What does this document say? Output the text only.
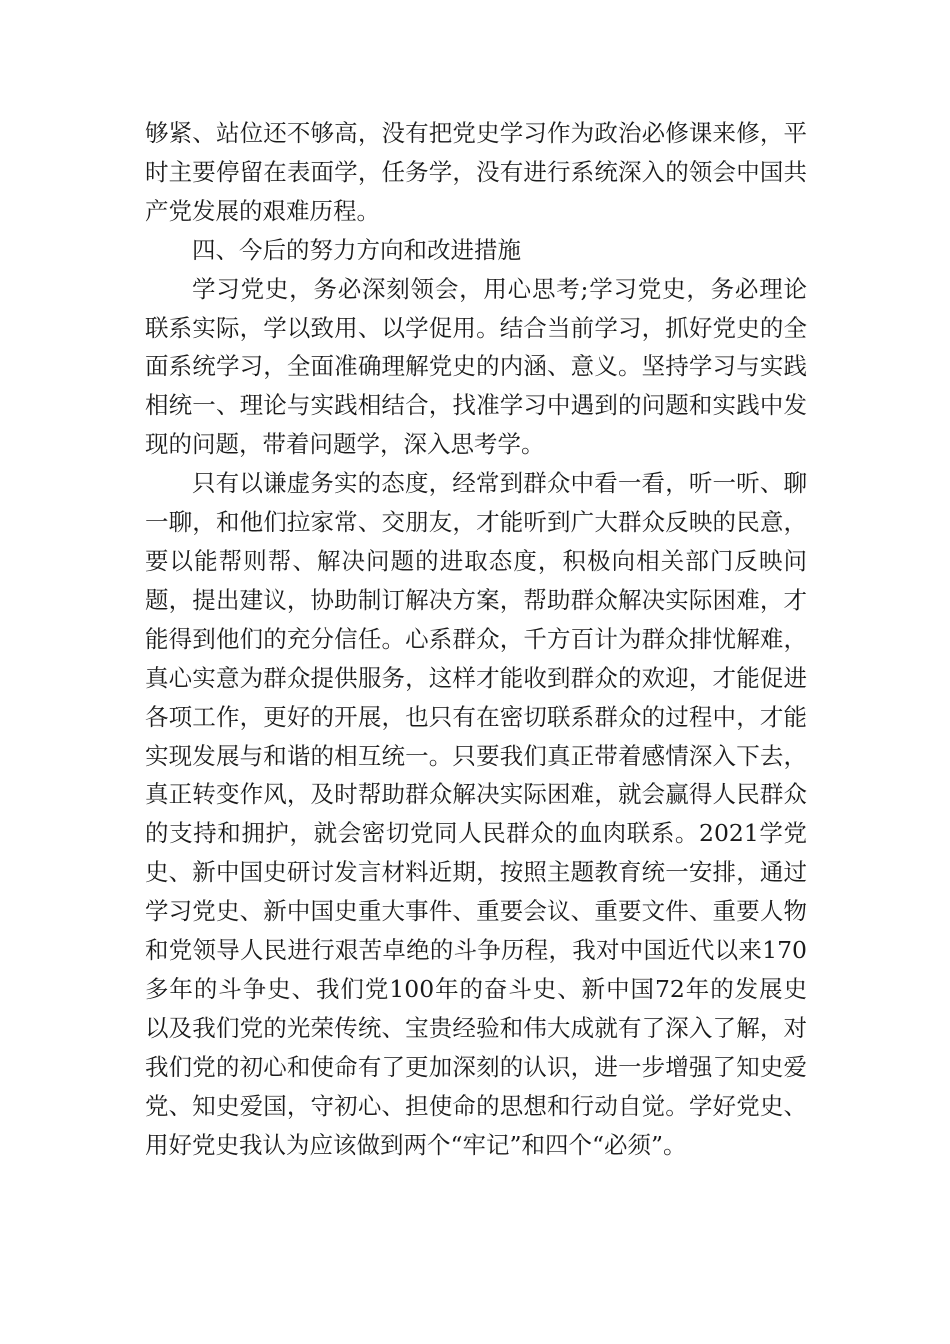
够紧、站位还不够高，没有把党史学习作为政治必修课来修，平时主要停留在表面学，任务学，没有进行系统深入的领会中国共产党发展的艰难历程。

四、今后的努力方向和改进措施

学习党史，务必深刻领会，用心思考;学习党史，务必理论联系实际，学以致用、以学促用。结合当前学习，抓好党史的全面系统学习，全面准确理解党史的内涵、意义。坚持学习与实践相统一、理论与实践相结合，找准学习中遇到的问题和实践中发现的问题，带着问题学，深入思考学。

只有以谦虚务实的态度，经常到群众中看一看，听一听、聊一聊，和他们拉家常、交朋友，才能听到广大群众反映的民意，要以能帮则帮、解决问题的进取态度，积极向相关部门反映问题，提出建议，协助制订解决方案，帮助群众解决实际困难，才能得到他们的充分信任。心系群众，千方百计为群众排忧解难，真心实意为群众提供服务，这样才能收到群众的欢迎，才能促进各项工作，更好的开展，也只有在密切联系群众的过程中，才能实现发展与和谐的相互统一。只要我们真正带着感情深入下去，真正转变作风，及时帮助群众解决实际困难，就会赢得人民群众的支持和拥护，就会密切党同人民群众的血肉联系。2021学党史、新中国史研讨发言材料近期，按照主题教育统一安排，通过学习党史、新中国史重大事件、重要会议、重要文件、重要人物和党领导人民进行艰苦卓绝的斗争历程，我对中国近代以来170多年的斗争史、我们党100年的奋斗史、新中国72年的发展史以及我们党的光荣传统、宝贵经验和伟大成就有了深入了解，对我们党的初心和使命有了更加深刻的认识，进一步增强了知史爱党、知史爱国，守初心、担使命的思想和行动自觉。学好党史、用好党史我认为应该做到两个“牢记”和四个“必须”。
